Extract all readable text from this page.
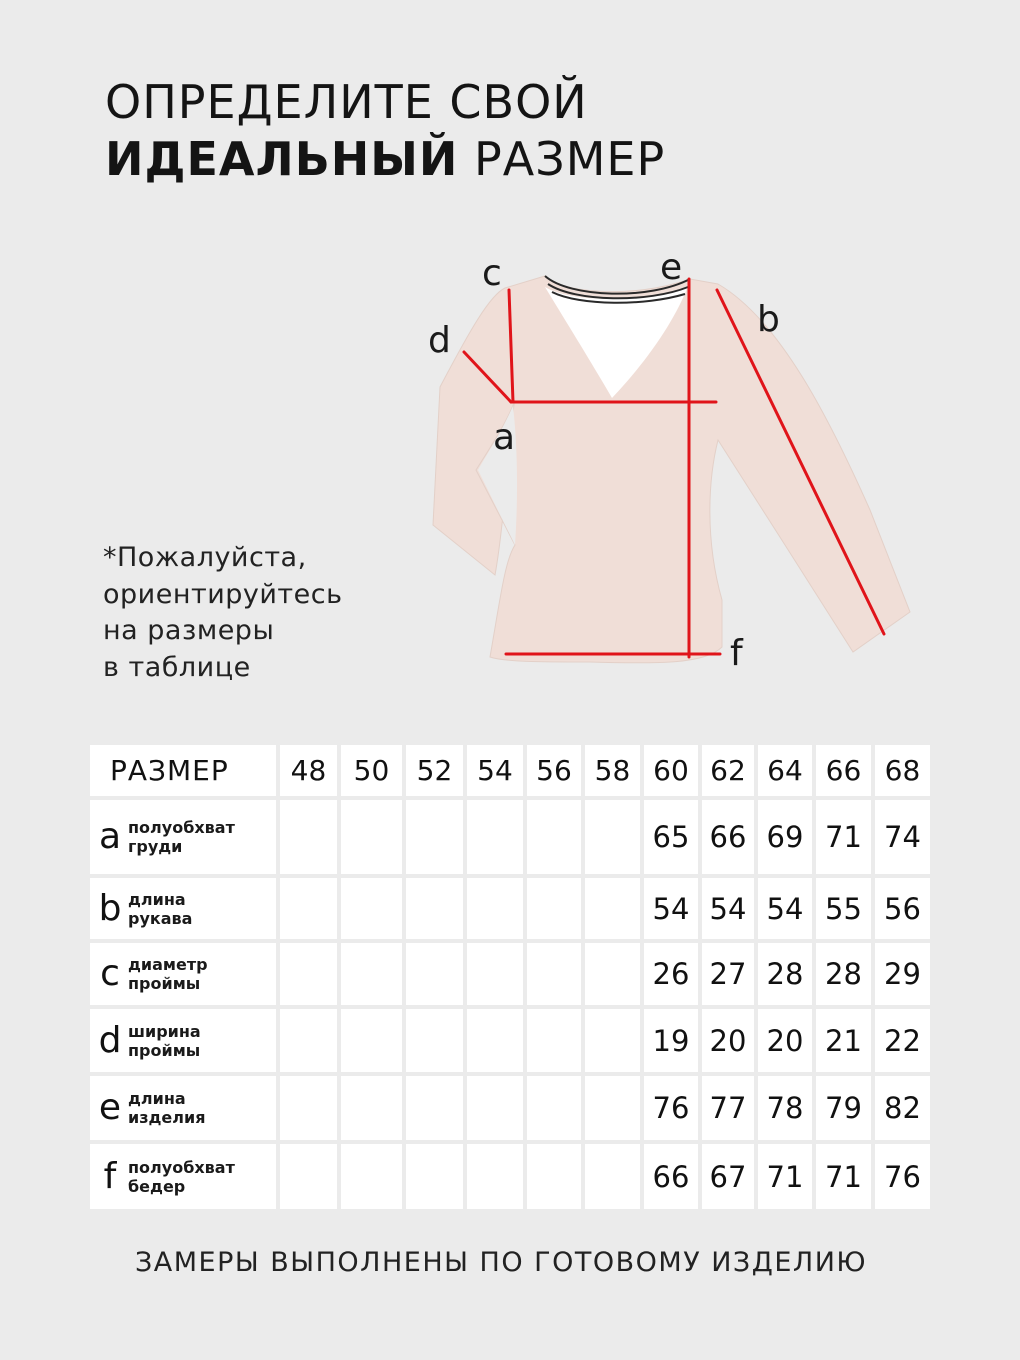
ОПРЕДЕЛИТЕ СВОЙ
ИДЕАЛЬНЫЙ РАЗМЕР
*Пожалуйста,
ориентируйтесь
на размеры
в таблице
c	e
b
d
a
f
РАЗМЕР	48	50	52	54	56	58	60	62	64	66	68

a полуобхват
груди							65	66	69	71	74

b длина
рукава							54	54	54	55	56

c диаметр
проймы							26	27	28	28	29

d ширина
проймы							19	20	20	21	22

e длина
изделия							76	77	78	79	82

f полуобхват
бедер							66	67	71	71	76
ЗАМЕРЫ ВЫПОЛНЕНЫ ПО ГОТОВОМУ ИЗДЕЛИЮ
